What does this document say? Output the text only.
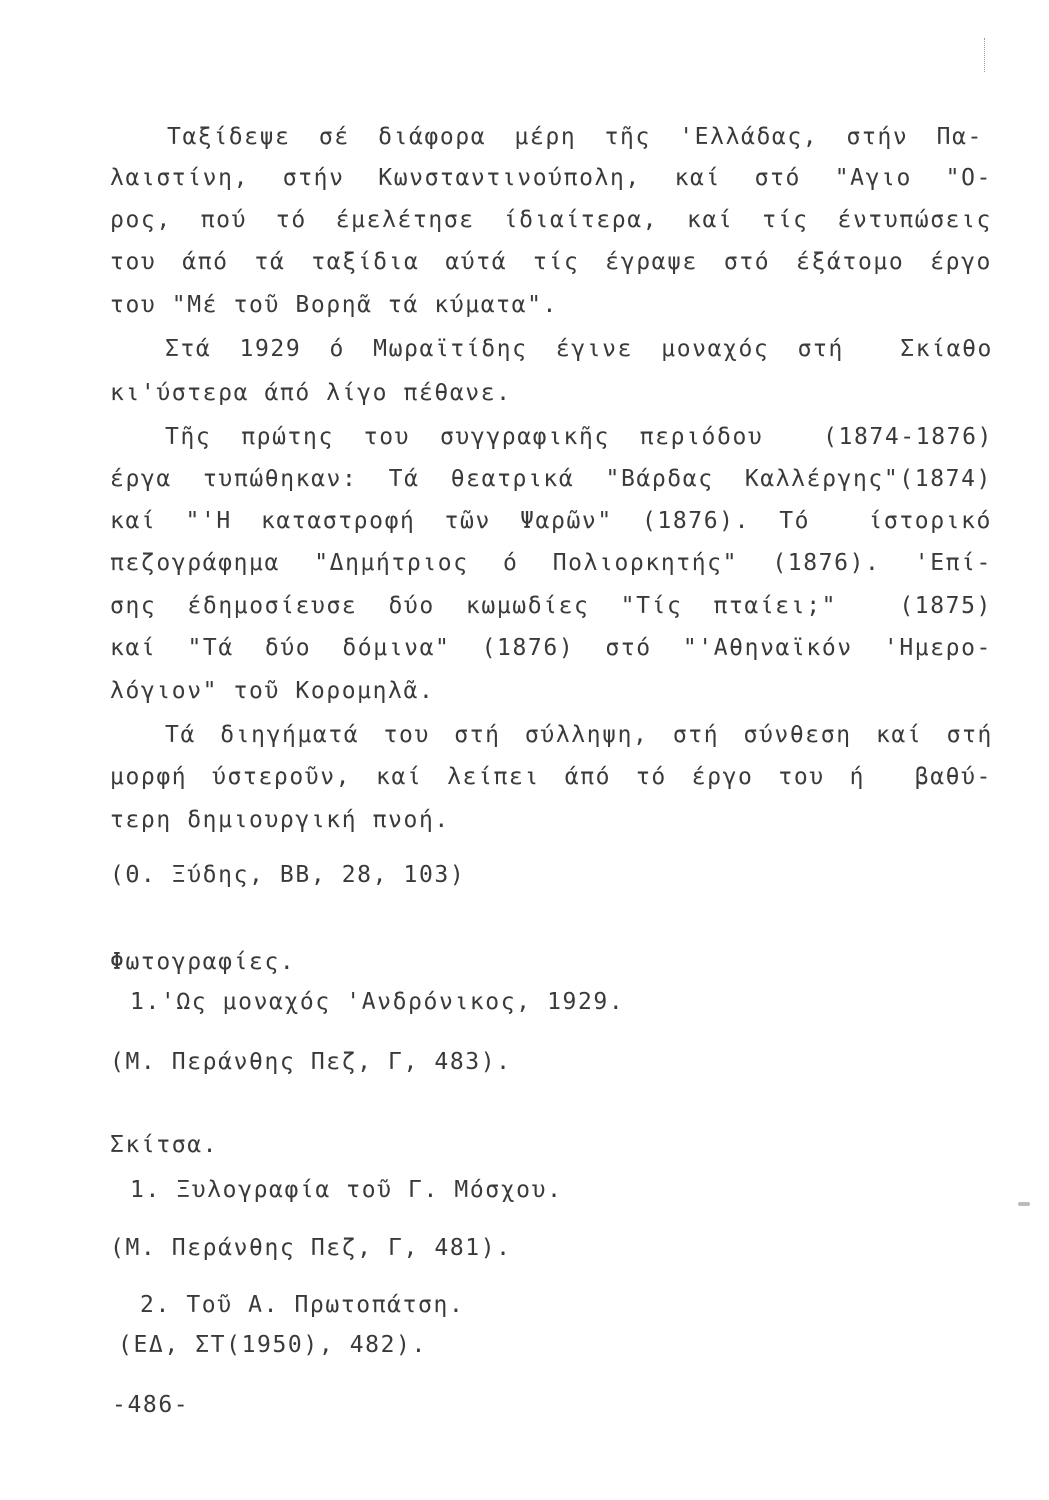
Ταξίδεψε σέ διάφορα μέρη τῆς 'Ελλάδας, στήν Πα-
λαιστίνη, στήν Κωνσταντινούπολη, καί στό "Αγιο "Ο-
ρος, πού τό έμελέτησε ίδιαίτερα, καί τίς έντυπώσεις
του άπό τά ταξίδια αύτά τίς έγραψε στό έξάτομο έργο
του "Μέ τοῦ Βορηᾶ τά κύματα".
Στά 1929 ό Μωραϊτίδης έγινε μοναχός στή  Σκίαθο
κι'ύστερα άπό λίγο πέθανε.
Τῆς πρώτης του συγγραφικῆς περιόδου  (1874-1876)
έργα τυπώθηκαν: Τά θεατρικά "Βάρδας Καλλέργης"(1874)
καί "'Η καταστροφή τῶν Ψαρῶν" (1876). Τό  ίστορικό
πεζογράφημα "Δημήτριος ό Πολιορκητής" (1876). 'Επί-
σης έδημοσίευσε δύο κωμωδίες "Τίς πταίει;"  (1875)
καί "Τά δύο δόμινα" (1876) στό "'Αθηναϊκόν 'Ημερο-
λόγιον" τοῦ Κορομηλᾶ.
Τά διηγήματά του στή σύλληψη, στή σύνθεση καί στή
μορφή ύστεροῦν, καί λείπει άπό τό έργο του ή  βαθύ-
τερη δημιουργική πνοή.
(Θ. Ξύδης, ΒΒ, 28, 103)
Φωτογραφίες.
1.'Ως μοναχός 'Ανδρόνικος, 1929.
(Μ. Περάνθης Πεζ, Γ, 483).
Σκίτσα.
1. Ξυλογραφία τοῦ Γ. Μόσχου.
(Μ. Περάνθης Πεζ, Γ, 481).
2. Τοῦ Α. Πρωτοπάτση.
(ΕΔ, ΣΤ(1950), 482).
-486-
